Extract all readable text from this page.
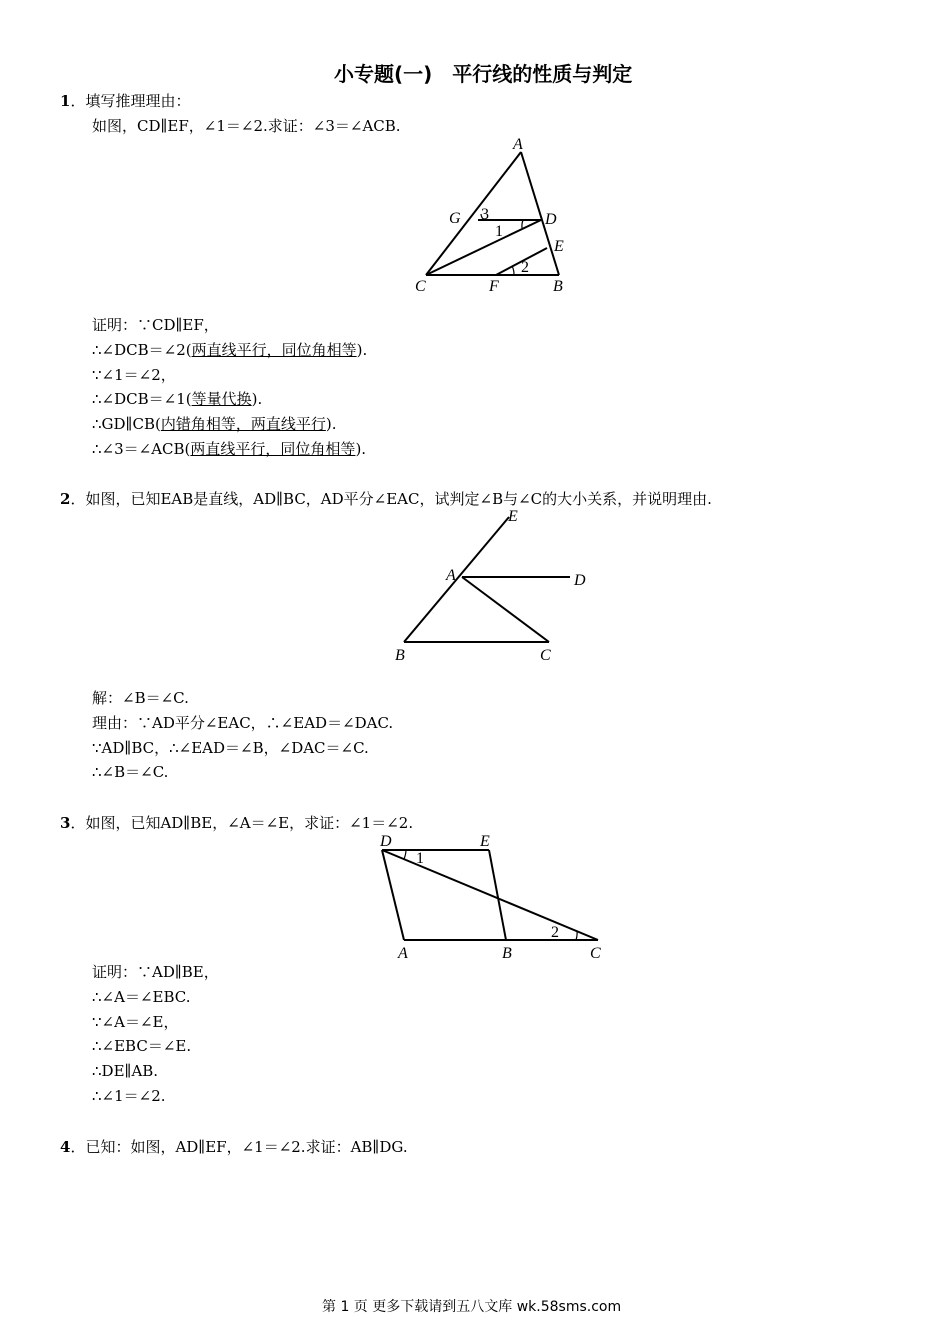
小专题(一)　平行线的性质与判定
1．填写推理理由：
如图，CD∥EF，∠1＝∠2.求证：∠3＝∠ACB.
A
G	D
E
C	F	B
3
1
2
证明：∵CD∥EF，
∴∠DCB＝∠2(两直线平行，同位角相等).
∵∠1＝∠2，
∴∠DCB＝∠1(等量代换).
∴GD∥CB(内错角相等，两直线平行).
∴∠3＝∠ACB(两直线平行，同位角相等).
2．如图，已知EAB是直线，AD∥BC，AD平分∠EAC，试判定∠B与∠C的大小关系，并说明理由.
E
A	D
B	C
解：∠B＝∠C.
理由：∵AD平分∠EAC，∴∠EAD＝∠DAC.
∵AD∥BC，∴∠EAD＝∠B，∠DAC＝∠C.
∴∠B＝∠C.
3．如图，已知AD∥BE，∠A＝∠E，求证：∠1＝∠2.
D	E
A	B	C
1
2
证明：∵AD∥BE，
∴∠A＝∠EBC.
∵∠A＝∠E，
∴∠EBC＝∠E.
∴DE∥AB.
∴∠1＝∠2.
4．已知：如图，AD∥EF，∠1＝∠2.求证：AB∥DG.
第 1 页 更多下载请到五八文库 wk.58sms.com
